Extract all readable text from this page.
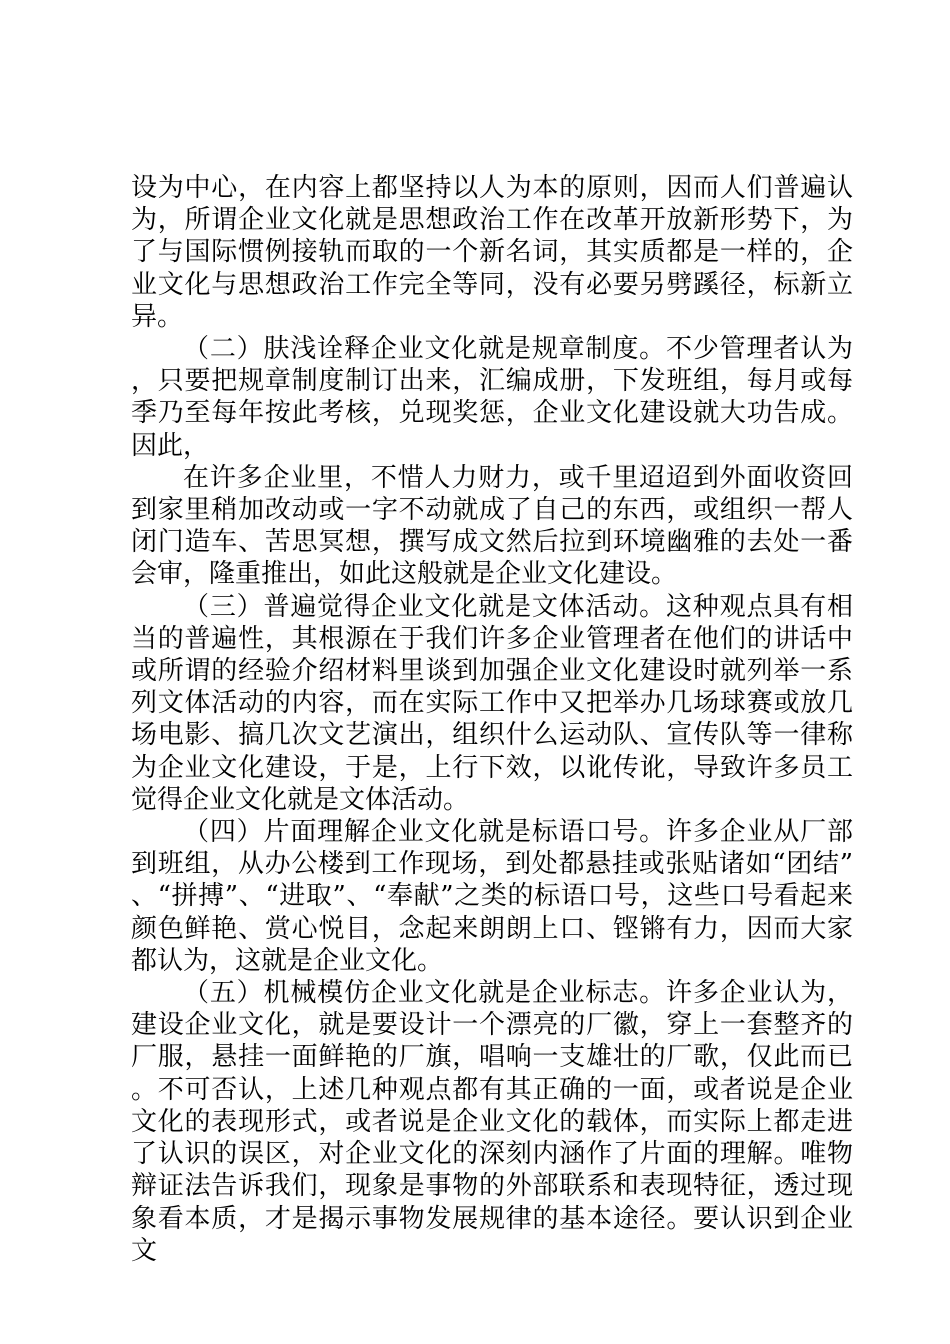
设为中心，在内容上都坚持以人为本的原则，因而人们普遍认为，所谓企业文化就是思想政治工作在改革开放新形势下，为了与国际惯例接轨而取的一个新名词，其实质都是一样的，企业文化与思想政治工作完全等同，没有必要另劈蹊径，标新立异。

（二）肤浅诠释企业文化就是规章制度。不少管理者认为，只要把规章制度制订出来，汇编成册，下发班组，每月或每季乃至每年按此考核，兑现奖惩，企业文化建设就大功告成。因此，

在许多企业里，不惜人力财力，或千里迢迢到外面收资回到家里稍加改动或一字不动就成了自己的东西，或组织一帮人闭门造车、苦思冥想，撰写成文然后拉到环境幽雅的去处一番会审，隆重推出，如此这般就是企业文化建设。

（三）普遍觉得企业文化就是文体活动。这种观点具有相当的普遍性，其根源在于我们许多企业管理者在他们的讲话中或所谓的经验介绍材料里谈到加强企业文化建设时就列举一系列文体活动的内容，而在实际工作中又把举办几场球赛或放几场电影、搞几次文艺演出，组织什么运动队、宣传队等一律称为企业文化建设，于是，上行下效，以讹传讹，导致许多员工觉得企业文化就是文体活动。

（四）片面理解企业文化就是标语口号。许多企业从厂部到班组，从办公楼到工作现场，到处都悬挂或张贴诸如“团结”、“拼搏”、“进取”、“奉献”之类的标语口号，这些口号看起来颜色鲜艳、赏心悦目，念起来朗朗上口、铿锵有力，因而大家都认为，这就是企业文化。

（五）机械模仿企业文化就是企业标志。许多企业认为，建设企业文化，就是要设计一个漂亮的厂徽，穿上一套整齐的厂服，悬挂一面鲜艳的厂旗，唱响一支雄壮的厂歌，仅此而已。不可否认，上述几种观点都有其正确的一面，或者说是企业文化的表现形式，或者说是企业文化的载体，而实际上都走进了认识的误区，对企业文化的深刻内涵作了片面的理解。唯物辩证法告诉我们，现象是事物的外部联系和表现特征，透过现象看本质，才是揭示事物发展规律的基本途径。要认识到企业文
